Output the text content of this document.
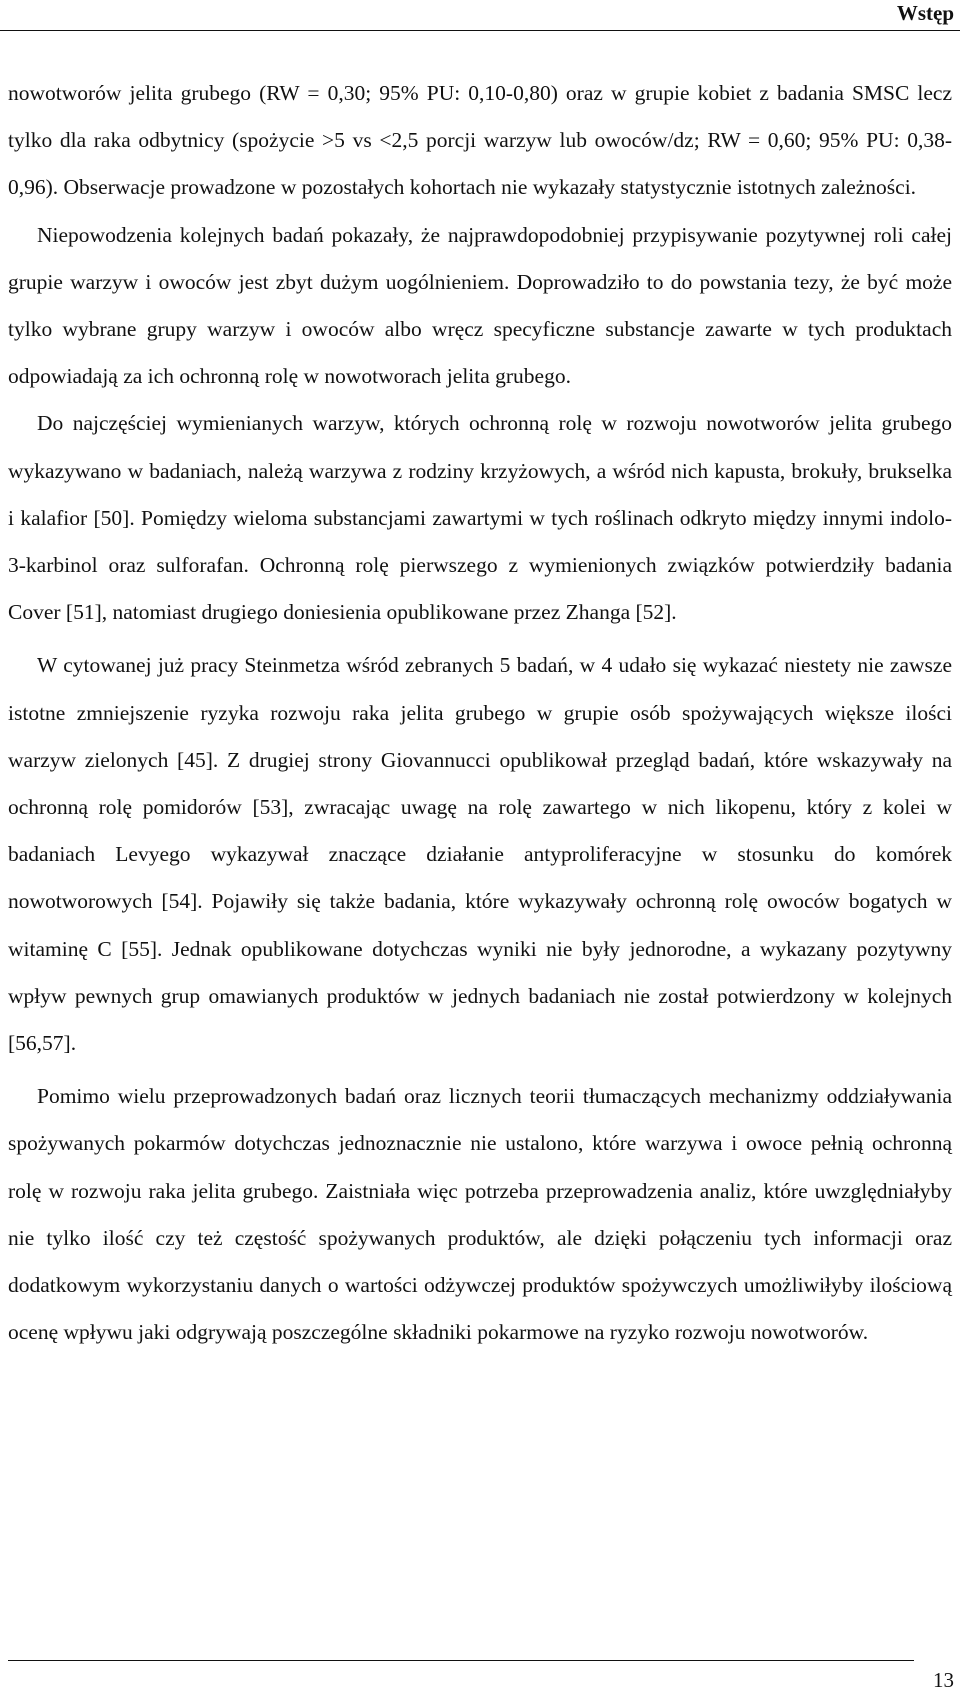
Wstęp

nowotworów jelita grubego (RW = 0,30; 95% PU: 0,10-0,80) oraz w grupie kobiet z badania SMSC lecz tylko dla raka odbytnicy (spożycie >5 vs <2,5 porcji warzyw lub owoców/dz; RW = 0,60; 95% PU: 0,38-0,96). Obserwacje prowadzone w pozostałych kohortach nie wykazały statystycznie istotnych zależności.

Niepowodzenia kolejnych badań pokazały, że najprawdopodobniej przypisywanie pozytywnej roli całej grupie warzyw i owoców jest zbyt dużym uogólnieniem. Doprowadziło to do powstania tezy, że być może tylko wybrane grupy warzyw i owoców albo wręcz specyficzne substancje zawarte w tych produktach odpowiadają za ich ochronną rolę w nowotworach jelita grubego.

Do najczęściej wymienianych warzyw, których ochronną rolę w rozwoju nowotworów jelita grubego wykazywano w badaniach, należą warzywa z rodziny krzyżowych, a wśród nich kapusta, brokuły, brukselka i kalafior [50]. Pomiędzy wieloma substancjami zawartymi w tych roślinach odkryto między innymi indolo-3-karbinol oraz sulforafan. Ochronną rolę pierwszego z wymienionych związków potwierdziły badania Cover [51], natomiast drugiego doniesienia opublikowane przez Zhanga [52].

W cytowanej już pracy Steinmetza wśród zebranych 5 badań, w 4 udało się wykazać niestety nie zawsze istotne zmniejszenie ryzyka rozwoju raka jelita grubego w grupie osób spożywających większe ilości warzyw zielonych [45]. Z drugiej strony Giovannucci opublikował przegląd badań, które wskazywały na ochronną rolę pomidorów [53], zwracając uwagę na rolę zawartego w nich likopenu, który z kolei w badaniach Levyego wykazywał znaczące działanie antyproliferacyjne w stosunku do komórek nowotworowych [54]. Pojawiły się także badania, które wykazywały ochronną rolę owoców bogatych w witaminę C [55]. Jednak opublikowane dotychczas wyniki nie były jednorodne, a wykazany pozytywny wpływ pewnych grup omawianych produktów w jednych badaniach nie został potwierdzony w kolejnych [56,57].

Pomimo wielu przeprowadzonych badań oraz licznych teorii tłumaczących mechanizmy oddziaływania spożywanych pokarmów dotychczas jednoznacznie nie ustalono, które warzywa i owoce pełnią ochronną rolę w rozwoju raka jelita grubego. Zaistniała więc potrzeba przeprowadzenia analiz, które uwzględniałyby nie tylko ilość czy też częstość spożywanych produktów, ale dzięki połączeniu tych informacji oraz dodatkowym wykorzystaniu danych o wartości odżywczej produktów spożywczych umożliwiłyby ilościową ocenę wpływu jaki odgrywają poszczególne składniki pokarmowe na ryzyko rozwoju nowotworów.

13
